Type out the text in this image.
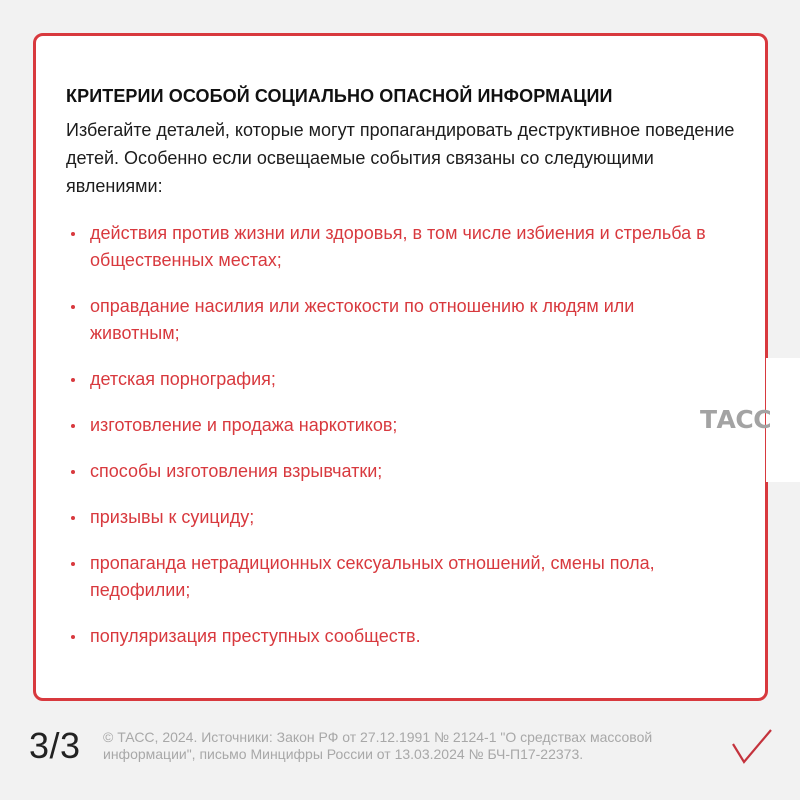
КРИТЕРИИ ОСОБОЙ СОЦИАЛЬНО ОПАСНОЙ ИНФОРМАЦИИ

Избегайте деталей, которые могут пропагандировать деструктивное поведение детей. Особенно если освещаемые события связаны со следующими явлениями:

действия против жизни или здоровья, в том числе избиения и стрельба в общественных местах;
оправдание насилия или жестокости по отношению к людям или животным;
детская порнография;
изготовление и продажа наркотиков;
способы изготовления взрывчатки;
призывы к суициду;
пропаганда нетрадиционных сексуальных отношений, смены пола, педофилии;
популяризация преступных сообществ.
ТАСС
3/3 © ТАСС, 2024. Источники: Закон РФ от 27.12.1991 № 2124-1 "О средствах массовой информации", письмо Минцифры России от 13.03.2024 № БЧ-П17-22373.
